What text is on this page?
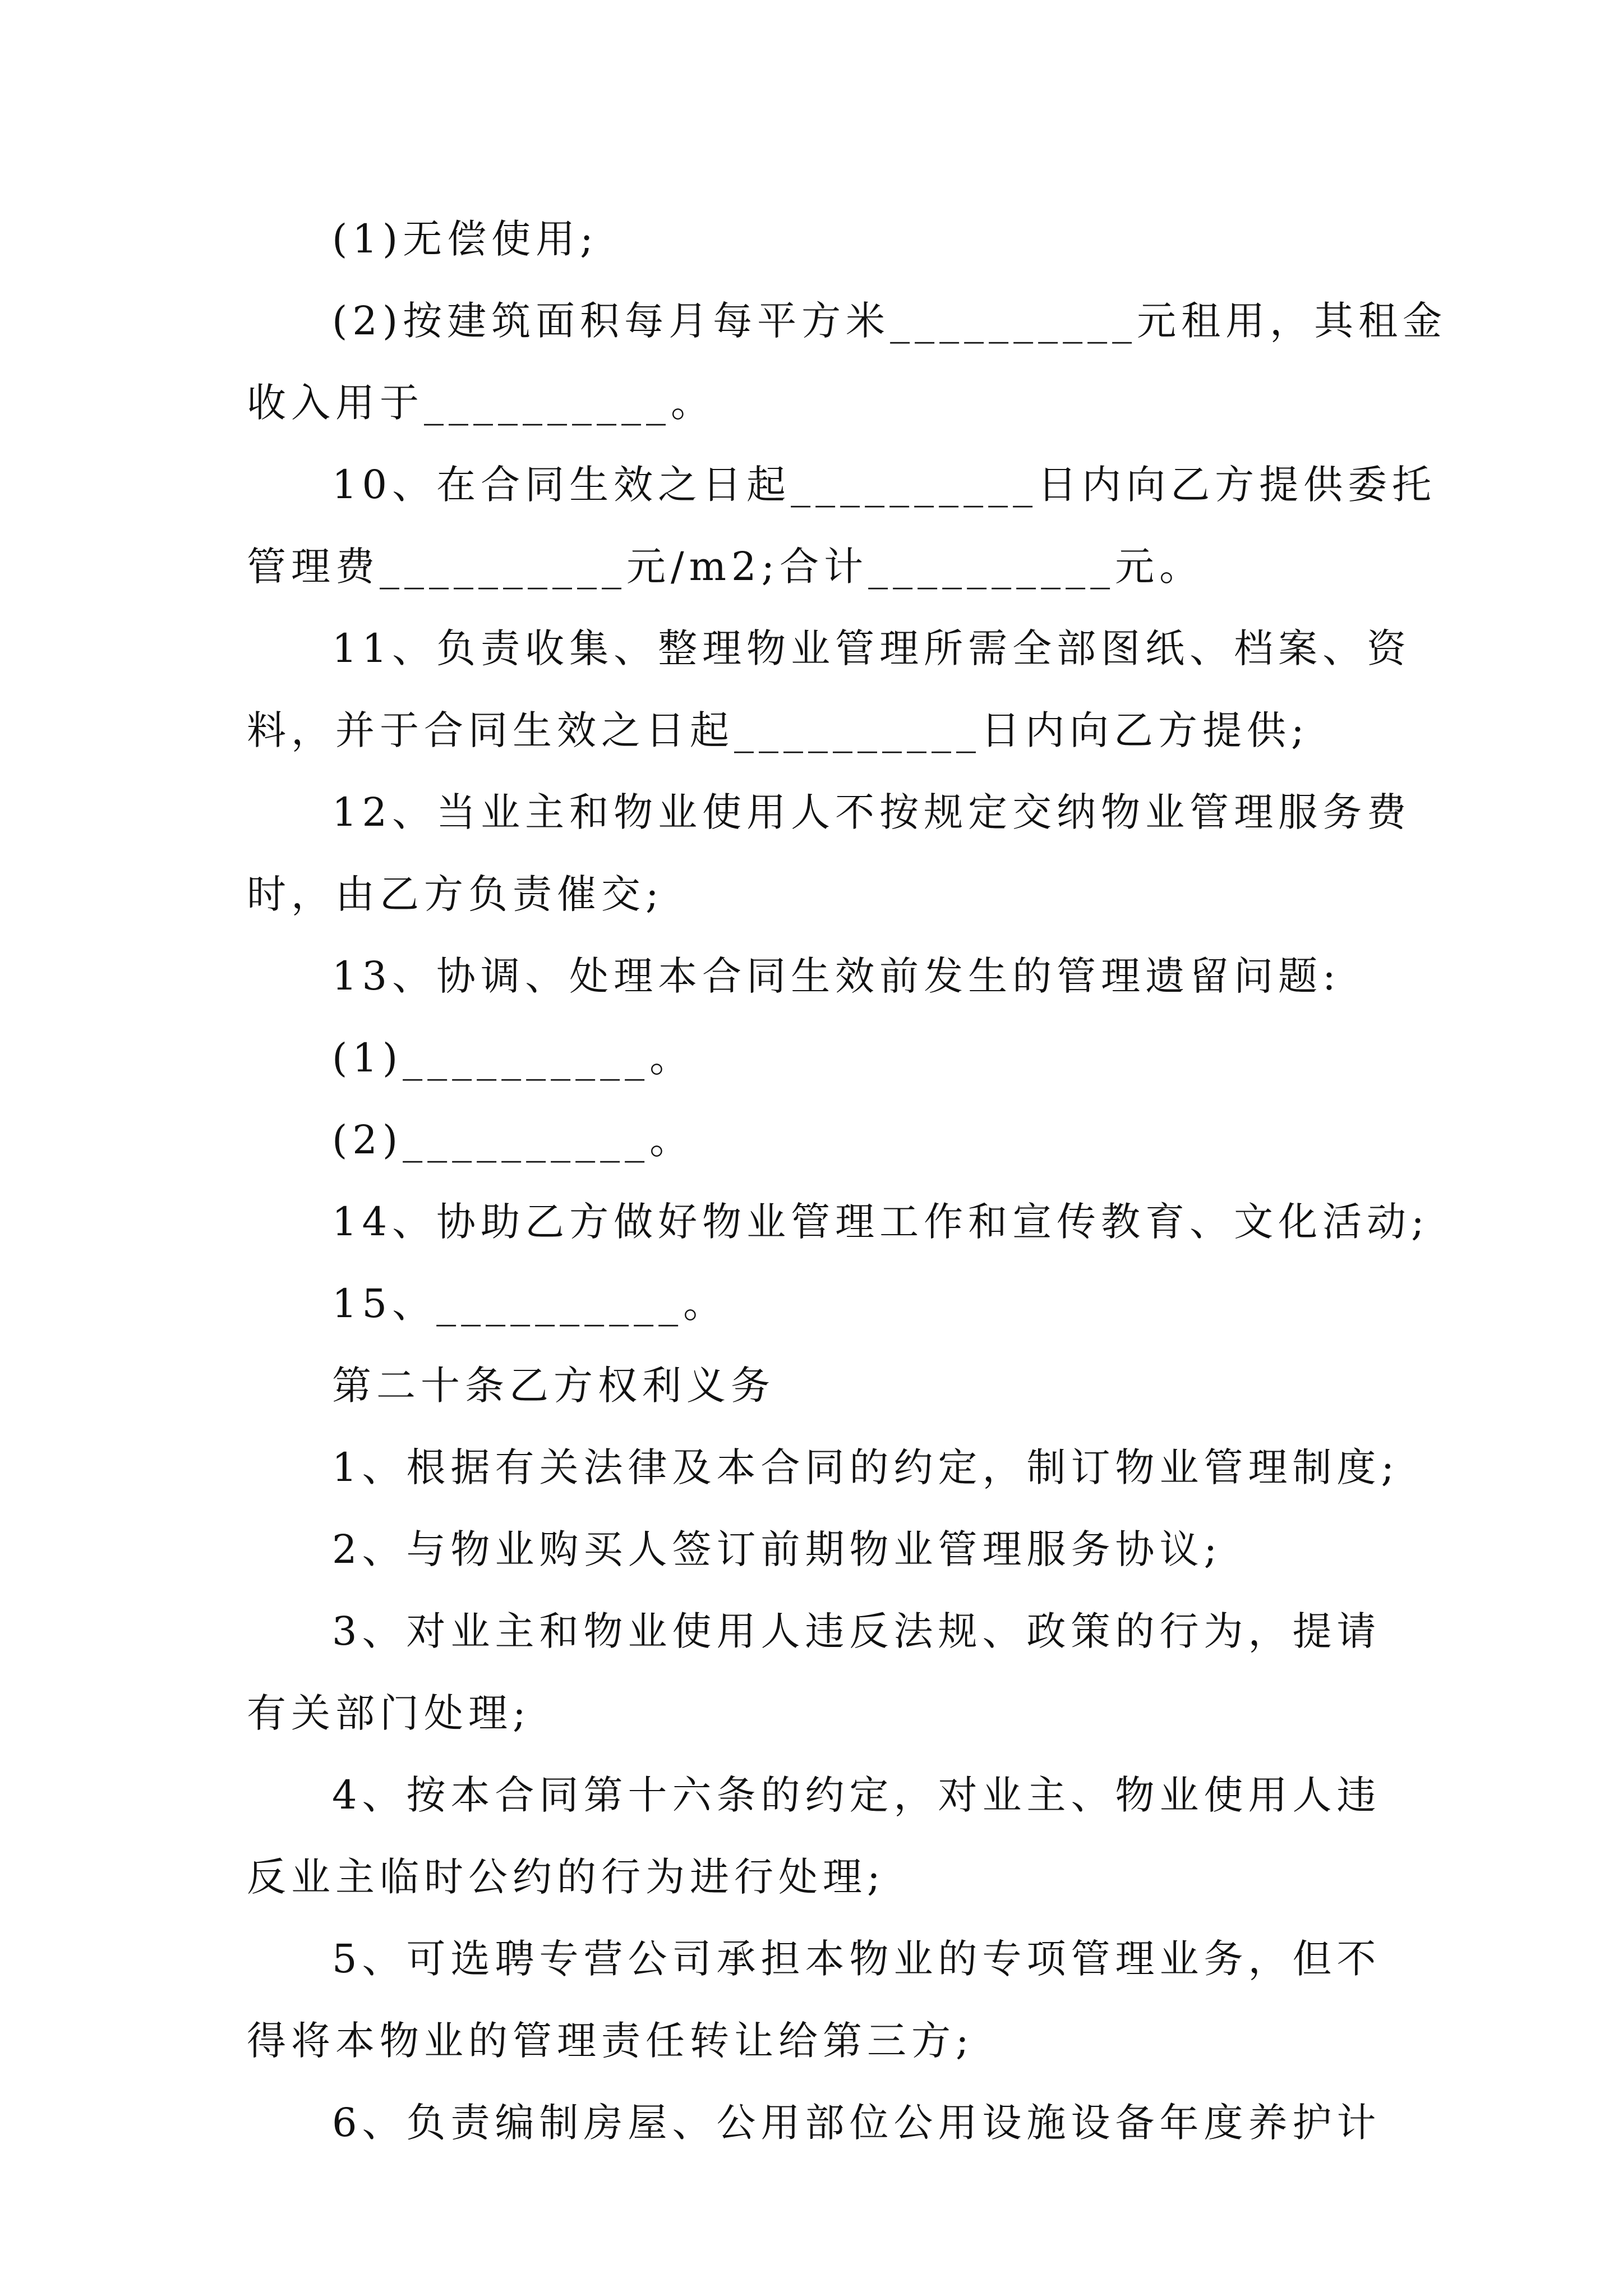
(1)无偿使用;
(2)按建筑面积每月每平方米__________元租用，其租金
收入用于__________。
10、在合同生效之日起__________日内向乙方提供委托
管理费__________元/m2;合计__________元。
11、负责收集、整理物业管理所需全部图纸、档案、资
料，并于合同生效之日起__________日内向乙方提供;
12、当业主和物业使用人不按规定交纳物业管理服务费
时，由乙方负责催交;
13、协调、处理本合同生效前发生的管理遗留问题:
(1)__________。
(2)__________。
14、协助乙方做好物业管理工作和宣传教育、文化活动;
15、__________。
第二十条乙方权利义务
1、根据有关法律及本合同的约定，制订物业管理制度;
2、与物业购买人签订前期物业管理服务协议;
3、对业主和物业使用人违反法规、政策的行为，提请
有关部门处理;
4、按本合同第十六条的约定，对业主、物业使用人违
反业主临时公约的行为进行处理;
5、可选聘专营公司承担本物业的专项管理业务，但不
得将本物业的管理责任转让给第三方;
6、负责编制房屋、公用部位公用设施设备年度养护计
